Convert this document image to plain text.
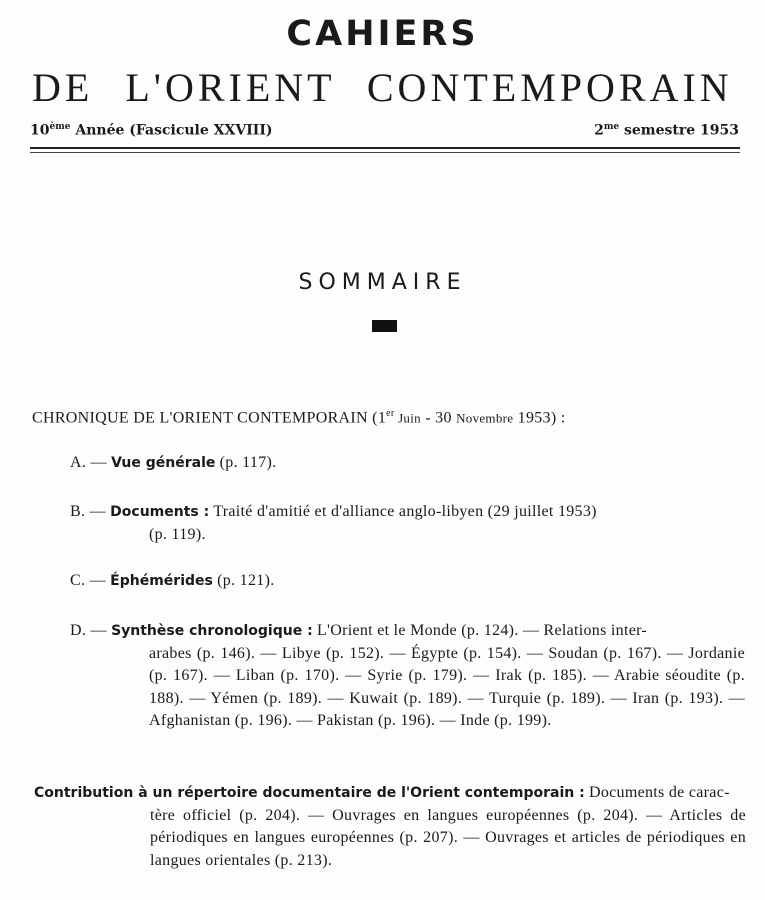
CAHIERS
DE L'ORIENT CONTEMPORAIN
10ème Année (Fascicule XXVIII)	$2^{me}$ semestre 1953
SOMMAIRE
CHRONIQUE DE L'ORIENT CONTEMPORAIN (1er Juin - 30 Novembre 1953) :
A. — Vue générale (p. 117).
B. — Documents : Traité d'amitié et d'alliance anglo-libyen (29 juillet 1953)
(p. 119).
C. — Éphémérides (p. 121).
D. — Synthèse chronologique : L'Orient et le Monde (p. 124). — Relations inter-
arabes (p. 146). — Libye (p. 152). — Égypte (p. 154). — Soudan (p. 167). — Jordanie (p. 167). — Liban (p. 170). — Syrie (p. 179). — Irak (p. 185). — Arabie séoudite (p. 188). — Yémen (p. 189). — Kuwait (p. 189). — Turquie (p. 189). — Iran (p. 193). — Afghanistan (p. 196). — Pakistan (p. 196). — Inde (p. 199).
Contribution à un répertoire documentaire de l'Orient contemporain : Documents de carac-
tère officiel (p. 204). — Ouvrages en langues européennes (p. 204). — Articles de périodiques en langues européennes (p. 207). — Ouvrages et articles de périodiques en langues orientales (p. 213).
